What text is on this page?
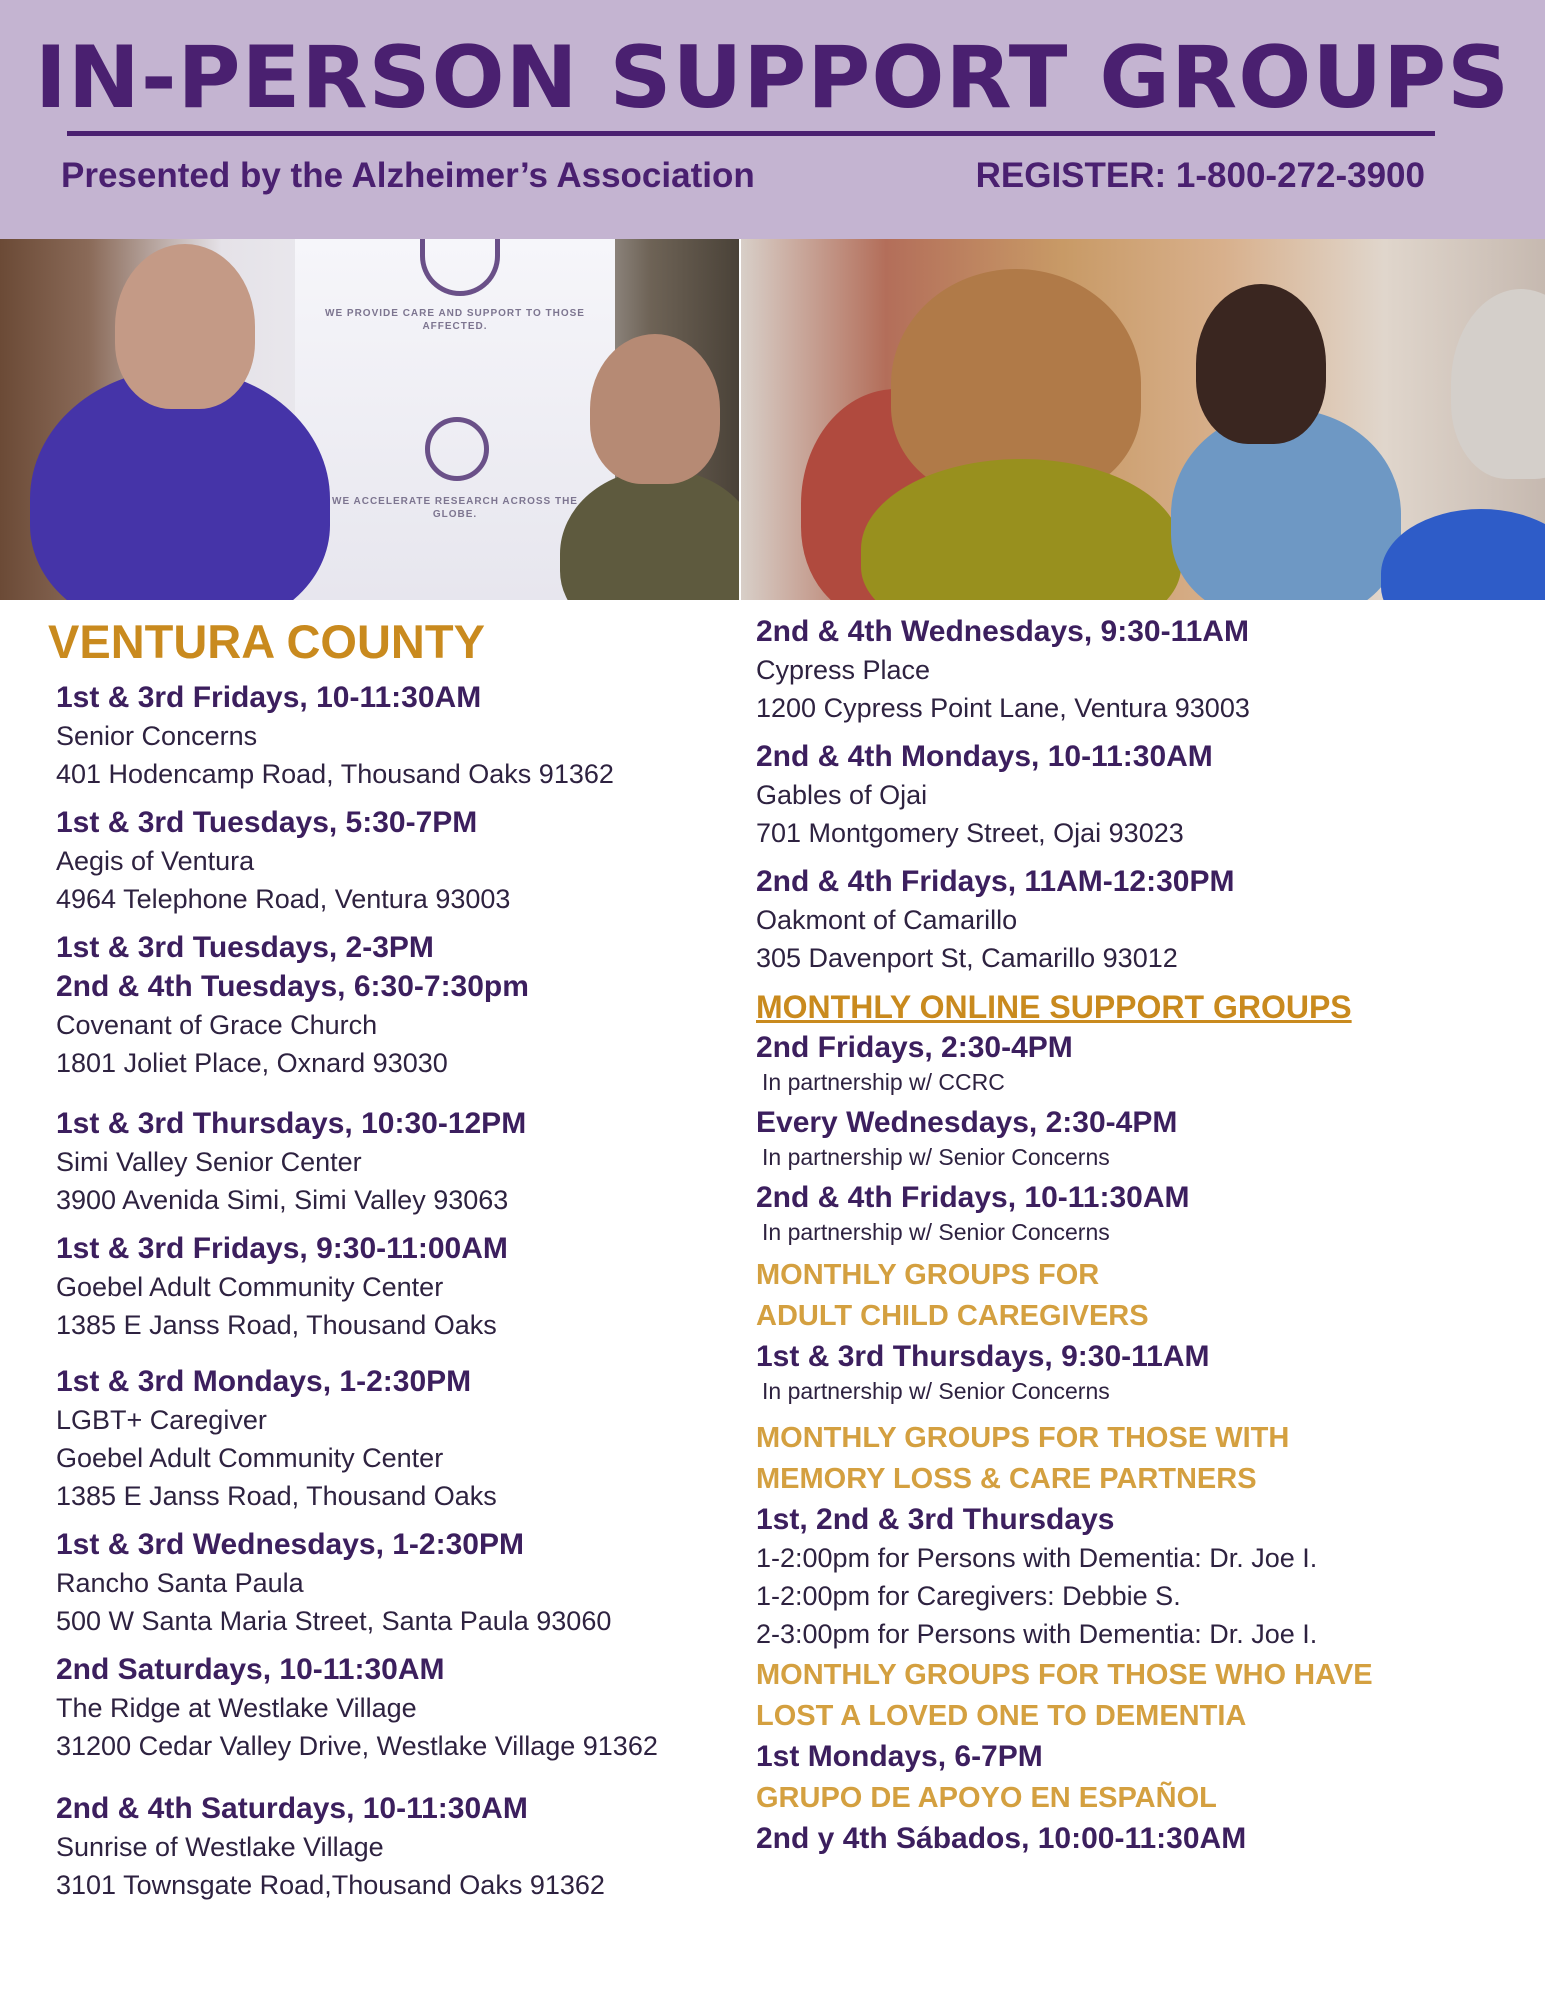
IN-PERSON SUPPORT GROUPS
Presented by the Alzheimer’s Association	REGISTER: 1-800-272-3900
WE PROVIDE CARE AND SUPPORT TO THOSE AFFECTED.
WE ACCELERATE RESEARCH ACROSS THE GLOBE.
VENTURA COUNTY
1st & 3rd Fridays, 10-11:30AM
Senior Concerns
401 Hodencamp Road, Thousand Oaks 91362
1st & 3rd Tuesdays, 5:30-7PM
Aegis of Ventura
4964 Telephone Road, Ventura 93003
1st & 3rd Tuesdays, 2-3PM
2nd & 4th Tuesdays, 6:30-7:30pm
Covenant of Grace Church
1801 Joliet Place, Oxnard 93030
1st & 3rd Thursdays, 10:30-12PM
Simi Valley Senior Center
3900 Avenida Simi, Simi Valley 93063
1st & 3rd Fridays, 9:30-11:00AM
Goebel Adult Community Center
1385 E Janss Road, Thousand Oaks
1st & 3rd Mondays, 1-2:30PM
LGBT+ Caregiver
Goebel Adult Community Center
1385 E Janss Road, Thousand Oaks
1st & 3rd Wednesdays, 1-2:30PM
Rancho Santa Paula
500 W Santa Maria Street, Santa Paula 93060
2nd Saturdays, 10-11:30AM
The Ridge at Westlake Village
31200 Cedar Valley Drive, Westlake Village 91362
2nd & 4th Saturdays, 10-11:30AM
Sunrise of Westlake Village
3101 Townsgate Road,Thousand Oaks 91362
2nd & 4th Wednesdays, 9:30-11AM
Cypress Place
1200 Cypress Point Lane, Ventura 93003
2nd & 4th Mondays, 10-11:30AM
Gables of Ojai
701 Montgomery Street, Ojai 93023
2nd & 4th Fridays, 11AM-12:30PM
Oakmont of Camarillo
305 Davenport St, Camarillo 93012
MONTHLY ONLINE SUPPORT GROUPS
2nd Fridays, 2:30-4PM
In partnership w/ CCRC
Every Wednesdays, 2:30-4PM
In partnership w/ Senior Concerns
2nd & 4th Fridays, 10-11:30AM
In partnership w/ Senior Concerns
MONTHLY GROUPS FOR
ADULT CHILD CAREGIVERS
1st & 3rd Thursdays, 9:30-11AM
In partnership w/ Senior Concerns
MONTHLY GROUPS FOR THOSE WITH
MEMORY LOSS & CARE PARTNERS
1st, 2nd & 3rd Thursdays
1-2:00pm for Persons with Dementia: Dr. Joe I.
1-2:00pm for Caregivers: Debbie S.
2-3:00pm for Persons with Dementia: Dr. Joe I.
MONTHLY GROUPS FOR THOSE WHO HAVE
LOST A LOVED ONE TO DEMENTIA
1st Mondays, 6-7PM
GRUPO DE APOYO EN ESPAÑOL
2nd y 4th Sábados, 10:00-11:30AM
